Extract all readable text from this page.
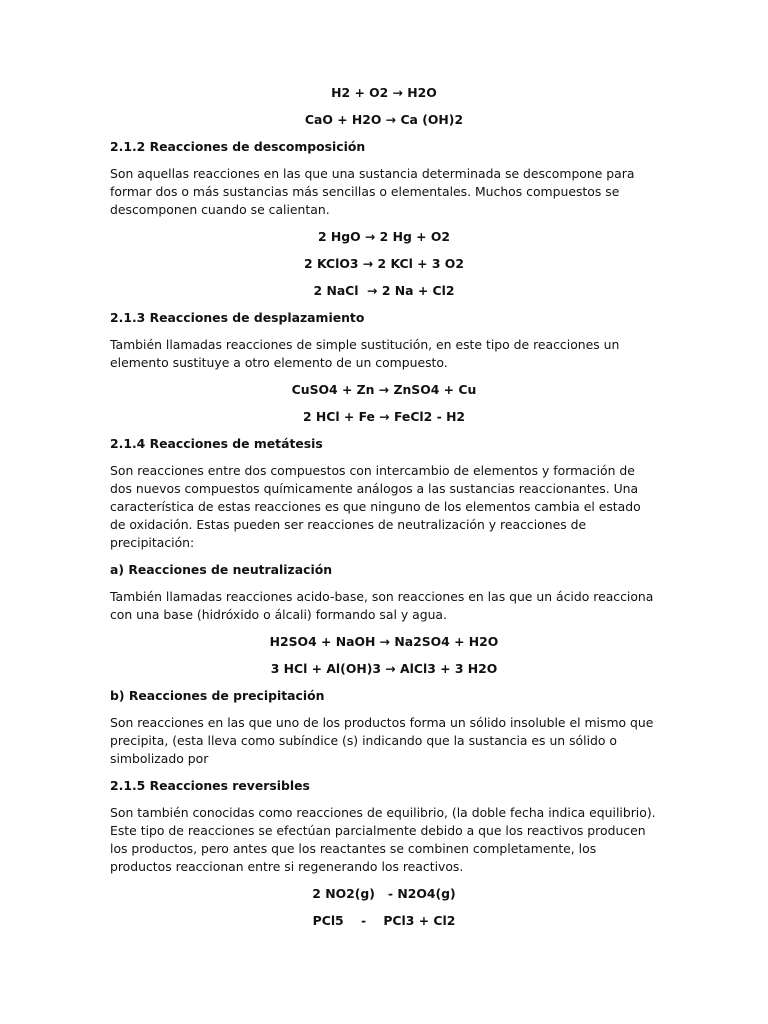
H2 + O2 → H2O
CaO + H2O → Ca (OH)2
2.1.2 Reacciones de descomposición
Son aquellas reacciones en las que una sustancia determinada se descompone para formar dos o más sustancias más sencillas o elementales. Muchos compuestos se descomponen cuando se calientan.
2 HgO → 2 Hg + O2
2 KClO3 → 2 KCl + 3 O2
2 NaCl  → 2 Na + Cl2
2.1.3 Reacciones de desplazamiento
También llamadas reacciones de simple sustitución, en este tipo de reacciones un elemento sustituye a otro elemento de un compuesto.
CuSO4 + Zn → ZnSO4 + Cu
2 HCl + Fe → FeCl2 - H2
2.1.4 Reacciones de metátesis
Son reacciones entre dos compuestos con intercambio de elementos y formación de dos nuevos compuestos químicamente análogos a las sustancias reaccionantes. Una característica de estas reacciones es que ninguno de los elementos cambia el estado de oxidación. Estas pueden ser reacciones de neutralización y reacciones de precipitación:
a) Reacciones de neutralización
También llamadas reacciones acido-base, son reacciones en las que un ácido reacciona con una base (hidróxido o álcali) formando sal y agua.
H2SO4 + NaOH → Na2SO4 + H2O
3 HCl + Al(OH)3 → AlCl3 + 3 H2O
b) Reacciones de precipitación
Son reacciones en las que uno de los productos forma un sólido insoluble el mismo que precipita, (esta lleva como subíndice (s) indicando que la sustancia es un sólido o simbolizado por
2.1.5 Reacciones reversibles
Son también conocidas como reacciones de equilibrio, (la doble fecha indica equilibrio). Este tipo de reacciones se efectúan parcialmente debido a que los reactivos producen los productos, pero antes que los reactantes se combinen completamente, los productos reaccionan entre si regenerando los reactivos.
2 NO2(g)   - N2O4(g)
PCl5    -    PCl3 + Cl2
